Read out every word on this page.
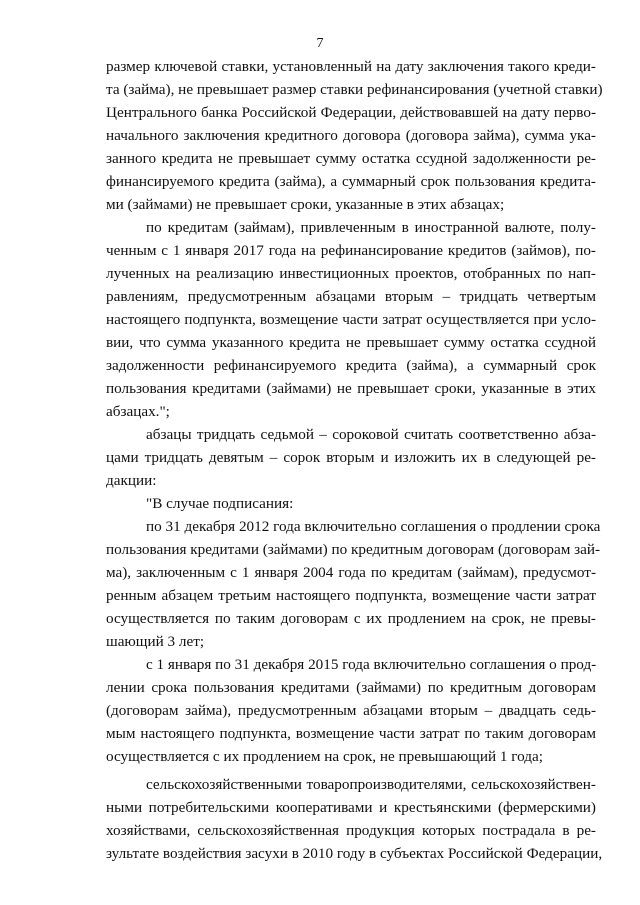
7
размер ключевой ставки, установленный на дату заключения такого креди-
та (займа), не превышает размер ставки рефинансирования (учетной ставки)
Центрального банка Российской Федерации, действовавшей на дату перво-
начального заключения кредитного договора (договора займа), сумма ука-
занного кредита не превышает сумму остатка ссудной задолженности ре-
финансируемого кредита (займа), а суммарный срок пользования кредита-
ми (займами) не превышает сроки, указанные в этих абзацах;
по кредитам (займам), привлеченным в иностранной валюте, полу-
ченным с 1 января 2017 года на рефинансирование кредитов (займов), по-
лученных на реализацию инвестиционных проектов, отобранных по нап-
равлениям, предусмотренным абзацами вторым – тридцать четвертым
настоящего подпункта, возмещение части затрат осуществляется при усло-
вии, что сумма указанного кредита не превышает сумму остатка ссудной
задолженности рефинансируемого кредита (займа), а суммарный срок
пользования кредитами (займами) не превышает сроки, указанные в этих
абзацах.";
абзацы тридцать седьмой – сороковой считать соответственно абза-
цами тридцать девятым – сорок вторым и изложить их в следующей ре-
дакции:
"В случае подписания:
по 31 декабря 2012 года включительно соглашения о продлении срока
пользования кредитами (займами) по кредитным договорам (договорам зай-
ма), заключенным с 1 января 2004 года по кредитам (займам), предусмот-
ренным абзацем третьим настоящего подпункта, возмещение части затрат
осуществляется по таким договорам с их продлением на срок, не превы-
шающий 3 лет;
с 1 января по 31 декабря 2015 года включительно соглашения о прод-
лении срока пользования кредитами (займами) по кредитным договорам
(договорам займа), предусмотренным абзацами вторым – двадцать седь-
мым настоящего подпункта, возмещение части затрат по таким договорам
осуществляется с их продлением на срок, не превышающий 1 года;
сельскохозяйственными товаропроизводителями, сельскохозяйствен-
ными потребительскими кооперативами и крестьянскими (фермерскими)
хозяйствами, сельскохозяйственная продукция которых пострадала в ре-
зультате воздействия засухи в 2010 году в субъектах Российской Федерации,
